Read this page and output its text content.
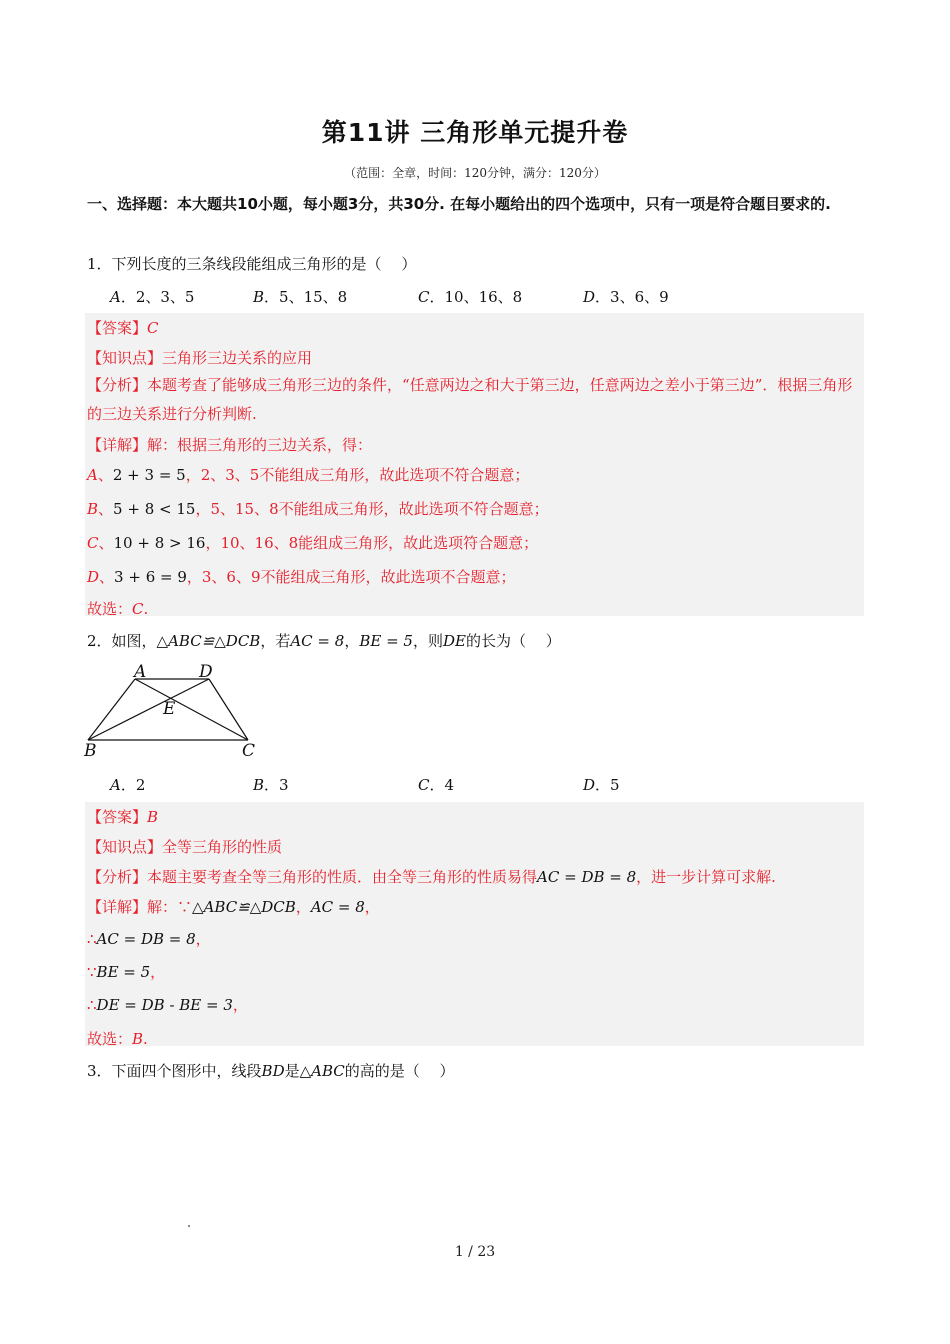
第11讲 三角形单元提升卷
（范围：全章，时间：120分钟，满分：120分）
一、选择题：本大题共10小题，每小题3分，共30分. 在每小题给出的四个选项中，只有一项是符合题目要求的.
1．下列长度的三条线段能组成三角形的是（　 ）
A．2、3、5	B．5、15、8	C．10、16、8	D．3、6、9
【答案】C
【知识点】三角形三边关系的应用
【分析】本题考查了能够成三角形三边的条件，“任意两边之和大于第三边，任意两边之差小于第三边”．根据三角形的三边关系进行分析判断.
【详解】解：根据三角形的三边关系，得：
A、2 + 3 = 5，2、3、5不能组成三角形，故此选项不符合题意；
B、5 + 8 < 15，5、15、8不能组成三角形，故此选项不符合题意；
C、10 + 8 > 16，10、16、8能组成三角形，故此选项符合题意；
D、3 + 6 = 9，3、6、9不能组成三角形，故此选项不合题意；
故选：C.
2．如图，△ABC≌△DCB，若AC = 8，BE = 5，则DE的长为（　 ）
A	D
E
B	C
A．2	B．3	C．4	D．5
【答案】B
【知识点】全等三角形的性质
【分析】本题主要考查全等三角形的性质．由全等三角形的性质易得AC = DB = 8，进一步计算可求解.
【详解】解：∵△ABC≌△DCB，AC = 8，
∴AC = DB = 8，
∵BE = 5，
∴DE = DB - BE = 3，
故选：B.
3．下面四个图形中，线段BD是△ABC的高的是（　 ）
1 / 23
